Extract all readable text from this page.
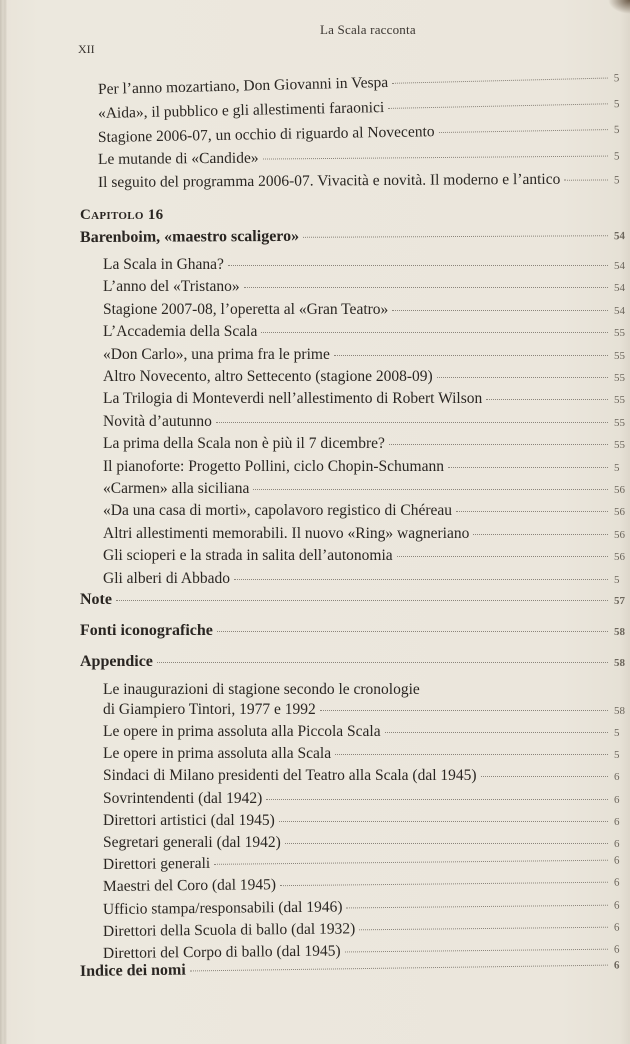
La Scala racconta
XII
Per l’anno mozartiano, Don Giovanni in Vespa	5
«Aida», il pubblico e gli allestimenti faraonici	5
Stagione 2006-07, un occhio di riguardo al Novecento	5
Le mutande di «Candide»	5
Il seguito del programma 2006-07. Vivacità e novità. Il moderno e l’antico	5
Capitolo 16
Barenboim, «maestro scaligero»	54
La Scala in Ghana?	54
L’anno del «Tristano»	54
Stagione 2007-08, l’operetta al «Gran Teatro»	54
L’Accademia della Scala	55
«Don Carlo», una prima fra le prime	55
Altro Novecento, altro Settecento (stagione 2008-09)	55
La Trilogia di Monteverdi nell’allestimento di Robert Wilson	55
Novità d’autunno	55
La prima della Scala non è più il 7 dicembre?	55
Il pianoforte: Progetto Pollini, ciclo Chopin-Schumann	5
«Carmen» alla siciliana	56
«Da una casa di morti», capolavoro registico di Chéreau	56
Altri allestimenti memorabili. Il nuovo «Ring» wagneriano	56
Gli scioperi e la strada in salita dell’autonomia	56
Gli alberi di Abbado	5
Note	57
Fonti iconografiche	58
Appendice	58
Le inaugurazioni di stagione secondo le cronologie
di Giampiero Tintori, 1977 e 1992	58
Le opere in prima assoluta alla Piccola Scala	5
Le opere in prima assoluta alla Scala	5
Sindaci di Milano presidenti del Teatro alla Scala (dal 1945)	6
Sovrintendenti (dal 1942)	6
Direttori artistici (dal 1945)	6
Segretari generali (dal 1942)	6
Direttori generali	6
Maestri del Coro (dal 1945)	6
Ufficio stampa/responsabili (dal 1946)	6
Direttori della Scuola di ballo (dal 1932)	6
Direttori del Corpo di ballo (dal 1945)	6
Indice dei nomi	6
